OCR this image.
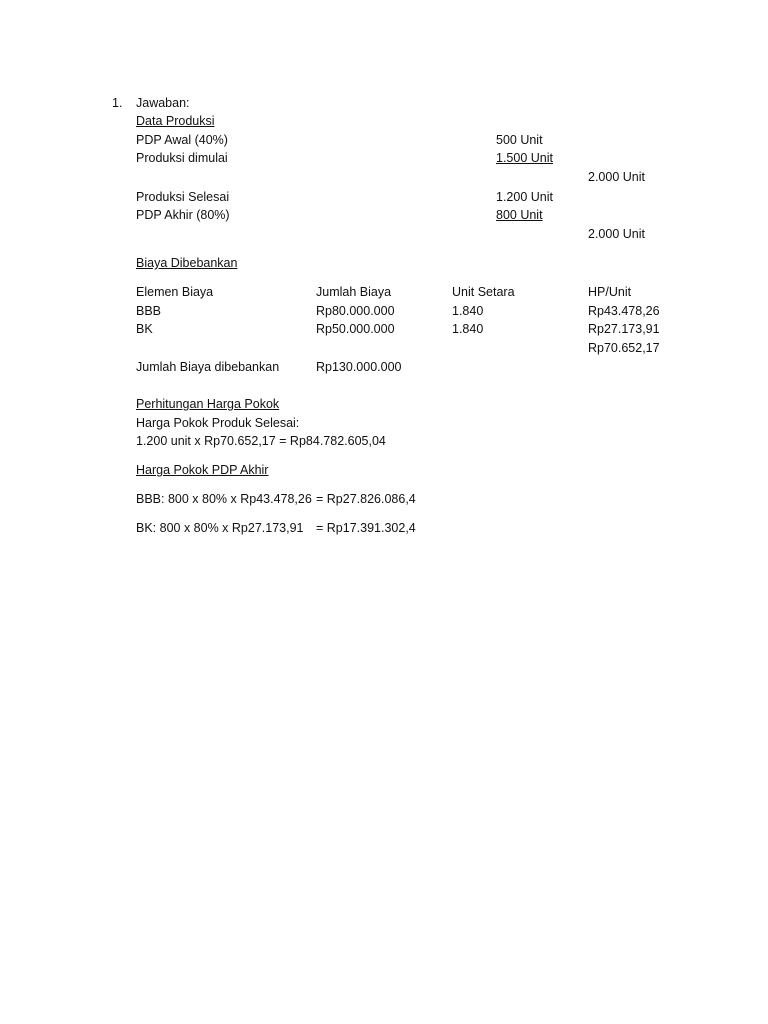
1. Jawaban:
Data Produksi
PDP Awal (40%)	500 Unit
Produksi dimulai	1.500 Unit
2.000 Unit
Produksi Selesai	1.200 Unit
PDP Akhir (80%)	800 Unit
2.000 Unit
Biaya Dibebankan
Elemen Biaya	Jumlah Biaya	Unit Setara	HP/Unit
BBB	Rp80.000.000	1.840	Rp43.478,26
BK	Rp50.000.000	1.840	Rp27.173,91
Rp70.652,17
Jumlah Biaya dibebankan	Rp130.000.000
Perhitungan Harga Pokok
Harga Pokok Produk Selesai:
1.200 unit x Rp70.652,17 = Rp84.782.605,04
Harga Pokok PDP Akhir
BBB: 800 x 80% x Rp43.478,26 = Rp27.826.086,4
BK: 800 x 80% x Rp27.173,91 = Rp17.391.302,4
